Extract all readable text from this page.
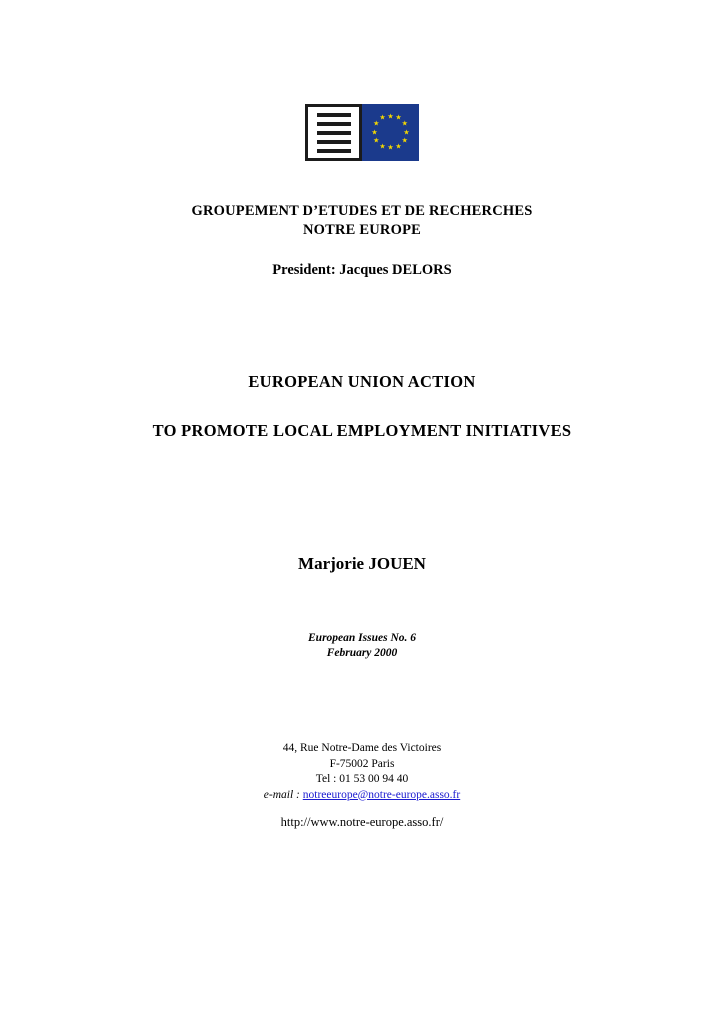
★ ★
★
★
★
★
★
★
★
★
★
★
GROUPEMENT D’ETUDES ET DE RECHERCHES
NOTRE EUROPE
President: Jacques DELORS
EUROPEAN UNION ACTION
TO PROMOTE LOCAL EMPLOYMENT INITIATIVES
Marjorie JOUEN
European Issues No. 6
February 2000
44, Rue Notre-Dame des Victoires
F-75002 Paris
Tel : 01 53 00 94 40
e-mail : notreeurope@notre-europe.asso.fr
http://www.notre-europe.asso.fr/
